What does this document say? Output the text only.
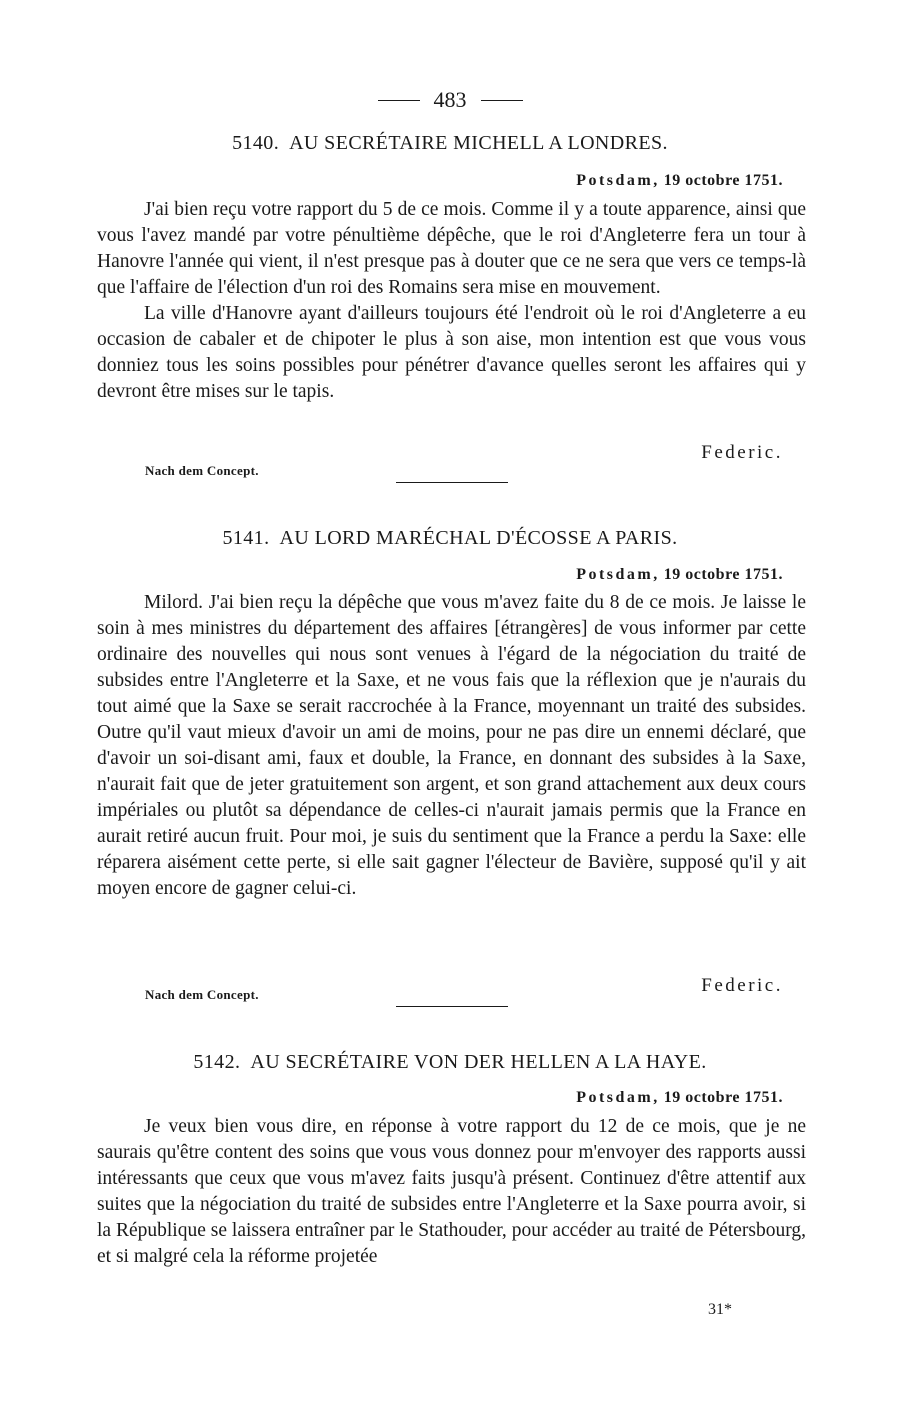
483
5140. AU SECRÉTAIRE MICHELL A LONDRES.
Potsdam, 19 octobre 1751.

J'ai bien reçu votre rapport du 5 de ce mois. Comme il y a toute apparence, ainsi que vous l'avez mandé par votre pénultième dépêche, que le roi d'Angleterre fera un tour à Hanovre l'année qui vient, il n'est presque pas à douter que ce ne sera que vers ce temps-là que l'affaire de l'élection d'un roi des Romains sera mise en mouvement.

La ville d'Hanovre ayant d'ailleurs toujours été l'endroit où le roi d'Angleterre a eu occasion de cabaler et de chipoter le plus à son aise, mon intention est que vous vous donniez tous les soins possibles pour pénétrer d'avance quelles seront les affaires qui y devront être mises sur le tapis.

Federic.
Nach dem Concept.
5141. AU LORD MARÉCHAL D'ÉCOSSE A PARIS.
Potsdam, 19 octobre 1751.

Milord. J'ai bien reçu la dépêche que vous m'avez faite du 8 de ce mois. Je laisse le soin à mes ministres du département des affaires [étrangères] de vous informer par cette ordinaire des nouvelles qui nous sont venues à l'égard de la négociation du traité de subsides entre l'Angleterre et la Saxe, et ne vous fais que la réflexion que je n'aurais du tout aimé que la Saxe se serait raccrochée à la France, moyennant un traité des subsides. Outre qu'il vaut mieux d'avoir un ami de moins, pour ne pas dire un ennemi déclaré, que d'avoir un soi-disant ami, faux et double, la France, en donnant des subsides à la Saxe, n'aurait fait que de jeter gratuitement son argent, et son grand attachement aux deux cours impériales ou plutôt sa dépendance de celles-ci n'aurait jamais permis que la France en aurait retiré aucun fruit. Pour moi, je suis du sentiment que la France a perdu la Saxe: elle réparera aisément cette perte, si elle sait gagner l'électeur de Bavière, supposé qu'il y ait moyen encore de gagner celui-ci.

Federic.
Nach dem Concept.
5142. AU SECRÉTAIRE VON DER HELLEN A LA HAYE.
Potsdam, 19 octobre 1751.

Je veux bien vous dire, en réponse à votre rapport du 12 de ce mois, que je ne saurais qu'être content des soins que vous vous donnez pour m'envoyer des rapports aussi intéressants que ceux que vous m'avez faits jusqu'à présent. Continuez d'être attentif aux suites que la négociation du traité de subsides entre l'Angleterre et la Saxe pourra avoir, si la République se laissera entraîner par le Stathouder, pour accéder au traité de Pétersbourg, et si malgré cela la réforme projetée

31*
